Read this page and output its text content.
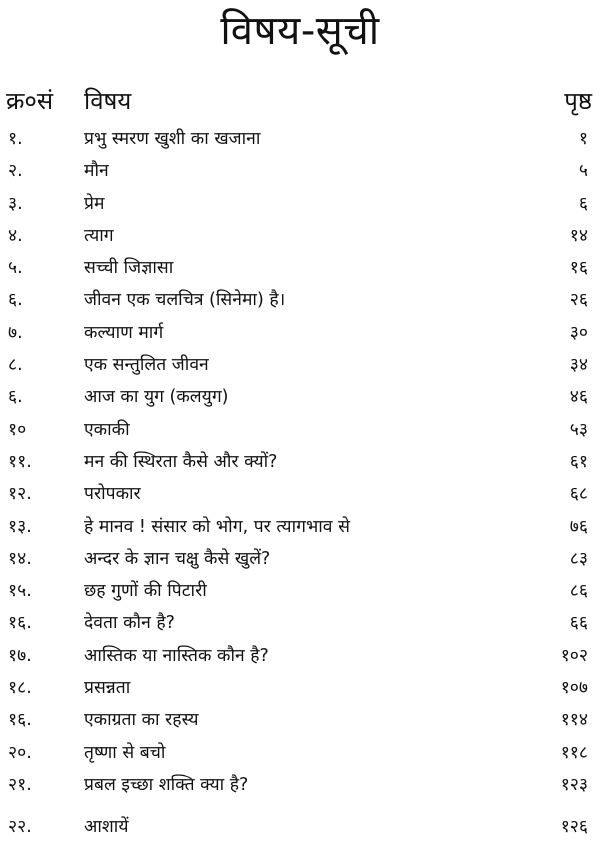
विषय-सूची
क्र०सं विषय	पृष्ठ
१.	प्रभु स्मरण खुशी का खजाना	१
२.	मौन	५
३.	प्रेम	६
४.	त्याग	१४
५.	सच्ची जिज्ञासा	१६
६.	जीवन एक चलचित्र (सिनेमा) है।	२६
७.	कल्याण मार्ग	३०
८.	एक सन्तुलित जीवन	३४
६.	आज का युग (कलयुग)	४६
१०	एकाकी	५३
११.	मन की स्थिरता कैसे और क्यों?	६१
१२.	परोपकार	६८
१३.	हे मानव ! संसार को भोग, पर त्यागभाव से	७६
१४.	अन्दर के ज्ञान चक्षु कैसे खुलें?	८३
१५.	छह गुणों की पिटारी	८६
१६.	देवता कौन है?	६६
१७.	आस्तिक या नास्तिक कौन है?	१०२
१८.	प्रसन्नता	१०७
१६.	एकाग्रता का रहस्य	११४
२०.	तृष्णा से बचो	११८
२१.	प्रबल इच्छा शक्ति क्या है?	१२३
२२.	आशायें	१२६
